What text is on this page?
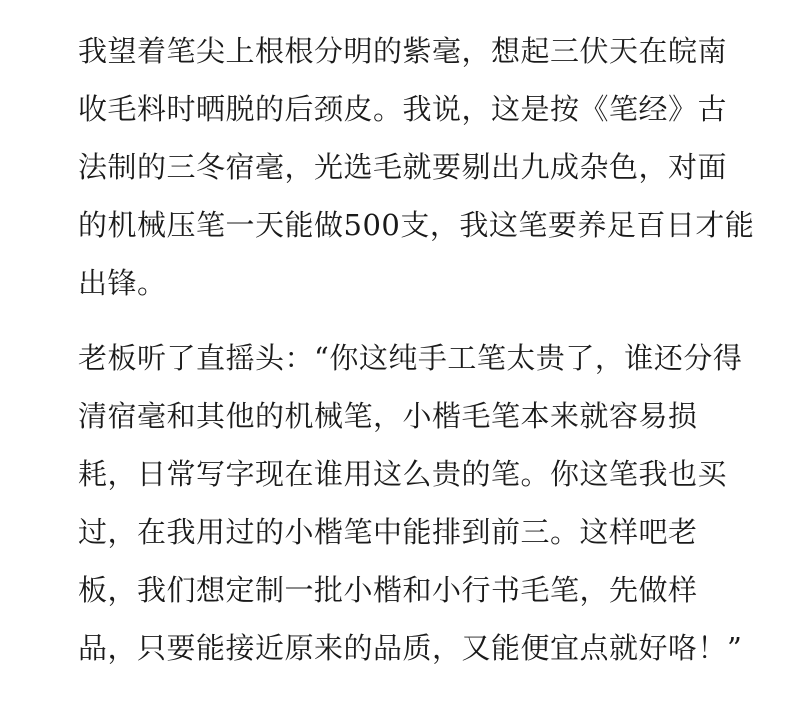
我望着笔尖上根根分明的紫毫，想起三伏天在皖南
收毛料时晒脱的后颈皮。我说，这是按《笔经》古
法制的三冬宿毫，光选毛就要剔出九成杂色，对面
的机械压笔一天能做500支，我这笔要养足百日才能
出锋。
老板听了直摇头：“你这纯手工笔太贵了，谁还分得
清宿毫和其他的机械笔，小楷毛笔本来就容易损
耗，日常写字现在谁用这么贵的笔。你这笔我也买
过，在我用过的小楷笔中能排到前三。这样吧老
板，我们想定制一批小楷和小行书毛笔，先做样
品，只要能接近原来的品质，又能便宜点就好咯！”
